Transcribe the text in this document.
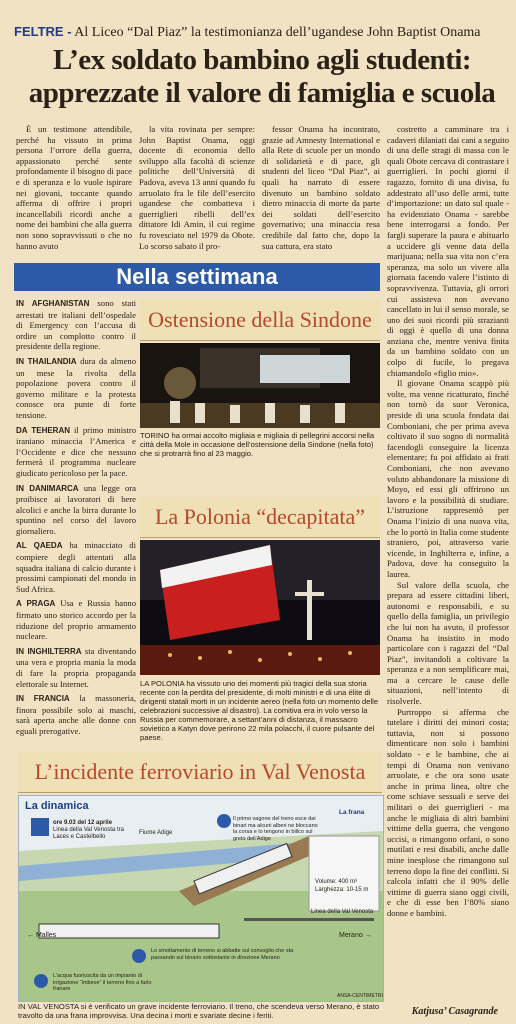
FELTRE - Al Liceo “Dal Piaz” la testimonianza dell’ugandese John Baptist Onama
L’ex soldato bambino agli studenti:
apprezzate il valore di famiglia e scuola

È un testimone attendibile, perché ha vissuto in prima persona l’orrore della guerra, appassionato perché sente profondamente il bisogno di pace e di speranza e lo vuole ispirare nei giovani, toccante quando afferma di offrire i propri incancellabili ricordi anche a nome dei bambini che alla guerra non sono sopravvissuti o che no hanno avuto

la vita rovinata per sempre: John Baptist Onama, oggi docente di economia dello sviluppo alla facoltà di scienze politiche dell’Università di Padova, aveva 13 anni quando fu arruolato fra le file dell’esercito ugandese che combatteva i guerriglieri ribelli dell’ex dittatore Idi Amin, il cui regime fu rovesciato nel 1979 da Obote. Lo scorso sabato il pro-

fessor Onama ha incontrato, grazie ad Amnesty International e alla Rete di scuole per un mondo di solidarietà e di pace, gli studenti del liceo “Dal Piaz”, ai quali ha narrato di essere divenuto un bambino soldato dietro minaccia di morte da parte dei soldati dell’esercito governativo; una minaccia resa credibile dal fatto che, dopo la sua cattura, era stato

costretto a camminare tra i cadaveri dilaniati dai cani a seguito di una delle stragi di massa con le quali Obote cercava di contrastare i guerriglieri. In pochi giorni il ragazzo, fornito di una divisa, fu addestrato all’uso delle armi, tutte d’importazione: un dato sul quale - ha evidenziato Onama - sarebbe bene interrogarsi a fondo. Per fargli superare la paura e abituarlo a uccidere gli venne data della marijuana; nella sua vita non c’era speranza, ma solo un vivere alla giornata facendo valere l’istinto di sopravvivenza. Tuttavia, gli orrori cui assisteva non avevano cancellato in lui il senso morale, se uno dei suoi ricordi più strazianti di oggi è quello di una donna anziana che, mentre veniva finita da un bambino soldato con un colpo di fucile, lo pregava chiamandolo «figlio mio».

Il giovane Onama scappò più volte, ma venne ricatturato, finché non tornò da suor Veronica, preside di una scuola fondata dai Comboniani, che per prima aveva coltivato il suo sogno di normalità facendogli conseguire la licenza elementare; fu poi affidato ai frati Comboniani, che non avevano voluto abbandonare la missione di Moyo, ed essi gli offrirono un lavoro e la possibilità di studiare. L’istruzione rappresentò per Onama l’inizio di una nuova vita, che lo portò in Italia come studente straniero, poi, attraverso varie vicende, in Inghilterra e, infine, a Padova, dove ha conseguito la laurea.

Sul valore della scuola, che prepara ad essere cittadini liberi, autonomi e responsabili, e su quello della famiglia, un privilegio che lui non ha avuto, il professor Onama ha insistito in modo particolare con i ragazzi del “Dal Piaz”, invitandoli a coltivare la speranza e a non semplificare mai, ma a cercare le cause delle situazioni, nell’intento di risolverle.

Purtroppo si afferma che tutelare i diritti dei minori costa; tuttavia, non si possono dimenticare non solo i bambini soldato - e le bambine, che ai tempi di Onama non venivano arruolate, e che ora sono usate anche in prima linea, oltre che come schiave sessuali e serve dei militari o dei guerriglieri - ma anche le migliaia di altri bambini vittime della guerra, che vengono uccisi, o rimangono orfani, o sono mutilati e resi disabili, anche dalle mine inesplose che rimangono sul terreno dopo la fine dei conflitti. Si calcola infatti che il 90% delle vittime di guerra siano oggi civili, e che di esse ben l’80% siano donne e bambini.

Katjusa’ Casagrande
Nella settimana
IN AFGHANISTAN sono stati arrestati tre italiani dell’ospedale di Emergency con l’accusa di ordire un complotto contro il presidente della regione.
IN THAILANDIA dura da almeno un mese la rivolta della popolazione povera contro il governo militare e la protesta conosce ora punte di forte tensione.
DA TEHERAN il primo ministro iraniano minaccia l’America e l’Occidente e dice che nessuno fermerà il programma nucleare giudicato pericoloso per la pace.
IN DANIMARCA una legge ora proibisce ai lavoratori di bere alcolici e anche la birra durante lo spuntino nel corso del lavoro giornaliero.
AL QAEDA ha minacciato di compiere degli attentati alla squadra italiana di calcio durante i prossimi campionati del mondo in Sud Africa.
A PRAGA Usa e Russia hanno firmato uno storico accordo per la riduzione del proprio armamento nucleare.
IN INGHILTERRA sta diventando una vera e propria mania la moda di fare la propria propaganda elettorale su Internet.
IN FRANCIA la massoneria, finora possibile solo ai maschi, sarà aperta anche alle donne con eguali prerogative.
Ostensione della Sindone
TORINO ha ormai accolto migliaia e migliaia di pellegrini accorsi nella città della Mole in occasione dell’ostensione della Sindone (nella foto) che si protrarrà fino al 23 maggio.
La Polonia “decapitata”
LA POLONIA ha vissuto uno dei momenti più tragici della sua storia recente con la perdita del presidente, di molti ministri e di una élite di dirigenti statali morti in un incidente aereo (nella foto un momento delle celebrazioni successive al disastro). La comitiva era in volo verso la Russia per commemorare, a settant’anni di distanza, il massacro sovietico a Katyn dove perirono 22 mila polacchi, il cuore pulsante del paese.
L’incidente ferroviario in Val Venosta
La dinamica
ore 9.03 del 12 aprile
Linea della Val Venosta tra Laces e Castelbello
Fiume Adige
Il primo vagone del treno esce dai binari ma alcuni alberi ne bloccano la corsa e lo tengono in bilico sul greto dell’Adige
La frana
Volume: 400 m³
Larghezza: 10-15 m
Linea della Val Venosta
← Malles	Merano →
Lo smottamento di terreno si abbatte sul convoglio che sta passando sul binario sottostante in direzione Merano
L’acqua fuoriuscita da un impianto di irrigazione “imbeve” il terreno fino a farlo franare
ANSA-CENTIMETRI
IN VAL VENOSTA si è verificato un grave incidente ferroviario. Il treno, che scendeva verso Merano, è stato travolto da una frana improvvisa. Una decina i morti e svariate decine i feriti.
